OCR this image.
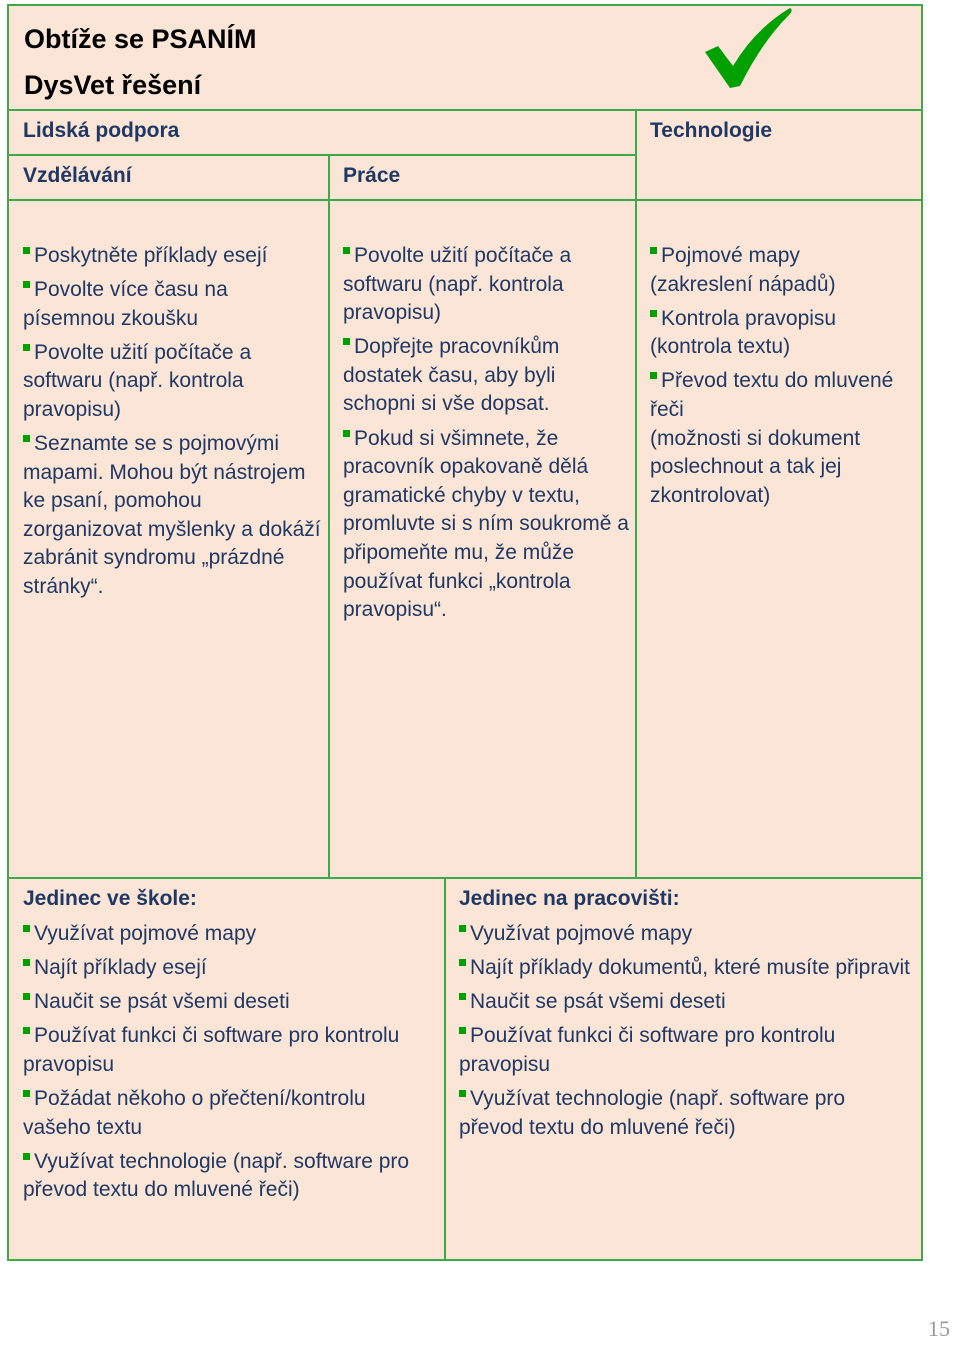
Obtíže se PSANÍM
DysVet řešení
Lidská podpora
Vzdělávání	Práce
Technologie

Poskytněte příklady esejí

Povolte více času na písemnou zkoušku

Povolte užití počítače a softwaru (např. kontrola pravopisu)

Seznamte se s pojmovými mapami. Mohou být nástrojem ke psaní, pomohou zorganizovat myšlenky a dokáží zabránit syndromu „prázdné stránky“.

Povolte užití počítače a softwaru (např. kontrola pravopisu)

Dopřejte pracovníkům dostatek času, aby byli schopni si vše dopsat.

Pokud si všimnete, že pracovník opakovaně dělá gramatické chyby v textu, promluvte si s ním soukromě a připomeňte mu, že může používat funkci „kontrola pravopisu“.

Pojmové mapy

(zakreslení nápadů)

Kontrola pravopisu

(kontrola textu)

Převod textu do mluvené řeči

(možnosti si dokument poslechnout a tak jej zkontrolovat)

Jedinec ve škole:

Využívat pojmové mapy

Najít příklady esejí

Naučit se psát všemi deseti

Používat funkci či software pro kontrolu pravopisu

Požádat někoho o přečtení/kontrolu vašeho textu

Využívat technologie (např. software pro převod textu do mluvené řeči)

Jedinec na pracovišti:

Využívat pojmové mapy

Najít příklady dokumentů, které musíte připravit

Naučit se psát všemi deseti

Používat funkci či software pro kontrolu pravopisu

Využívat technologie (např. software pro převod textu do mluvené řeči)

15
